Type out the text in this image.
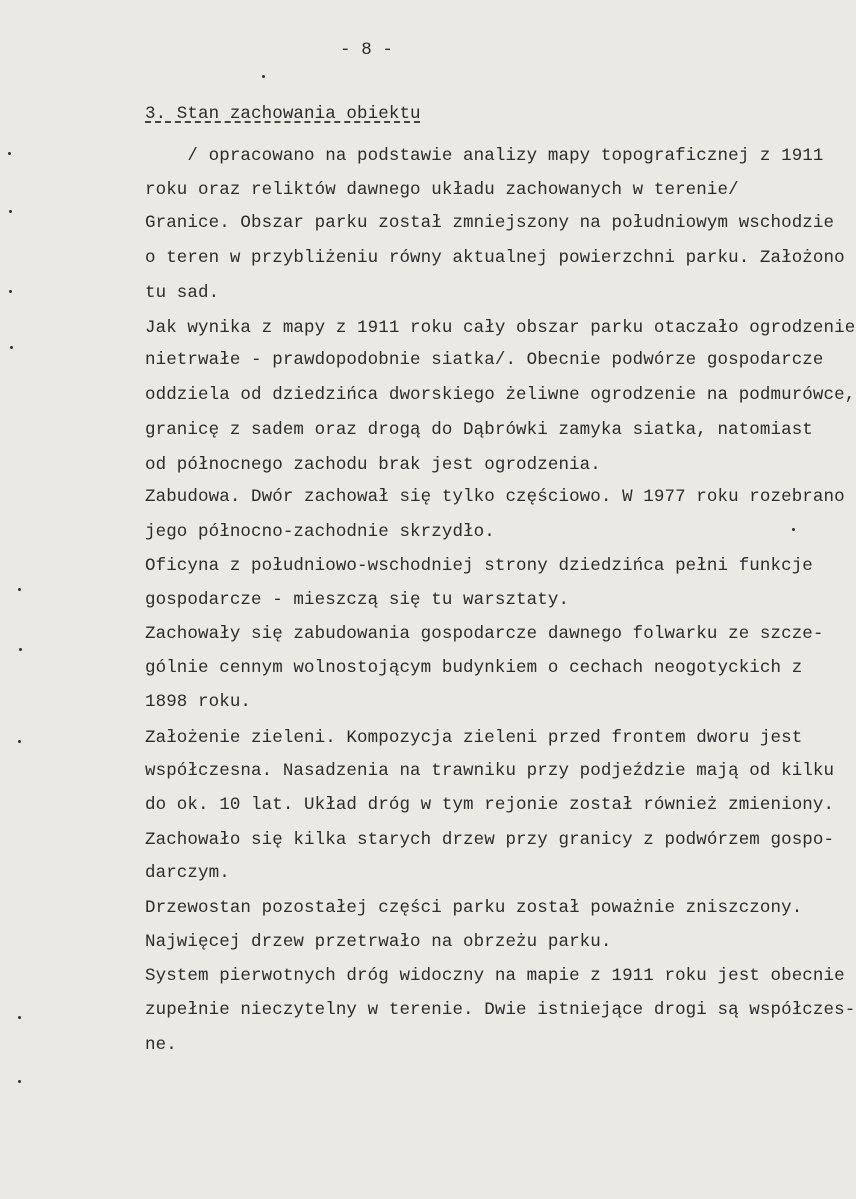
- 8 -
3. Stan zachowania obiektu
/ opracowano na podstawie analizy mapy topograficznej z 1911
roku oraz reliktów dawnego układu zachowanych w terenie/
Granice. Obszar parku został zmniejszony na południowym wschodzie
o teren w przybliżeniu równy aktualnej powierzchni parku. Założono
tu sad.
Jak wynika z mapy z 1911 roku cały obszar parku otaczało ogrodzenie
nietrwałe - prawdopodobnie siatka/. Obecnie podwórze gospodarcze
oddziela od dziedzińca dworskiego żeliwne ogrodzenie na podmurówce,
granicę z sadem oraz drogą do Dąbrówki zamyka siatka, natomiast
od północnego zachodu brak jest ogrodzenia.
Zabudowa. Dwór zachował się tylko częściowo. W 1977 roku rozebrano
jego północno-zachodnie skrzydło.
Oficyna z południowo-wschodniej strony dziedzińca pełni funkcje
gospodarcze - mieszczą się tu warsztaty.
Zachowały się zabudowania gospodarcze dawnego folwarku ze szcze-
gólnie cennym wolnostojącym budynkiem o cechach neogotyckich z
1898 roku.
Założenie zieleni. Kompozycja zieleni przed frontem dworu jest
współczesna. Nasadzenia na trawniku przy podjeździe mają od kilku
do ok. 10 lat. Układ dróg w tym rejonie został również zmieniony.
Zachowało się kilka starych drzew przy granicy z podwórzem gospo-
darczym.
Drzewostan pozostałej części parku został poważnie zniszczony.
Najwięcej drzew przetrwało na obrzeżu parku.
System pierwotnych dróg widoczny na mapie z 1911 roku jest obecnie
zupełnie nieczytelny w terenie. Dwie istniejące drogi są współczes-
ne.
